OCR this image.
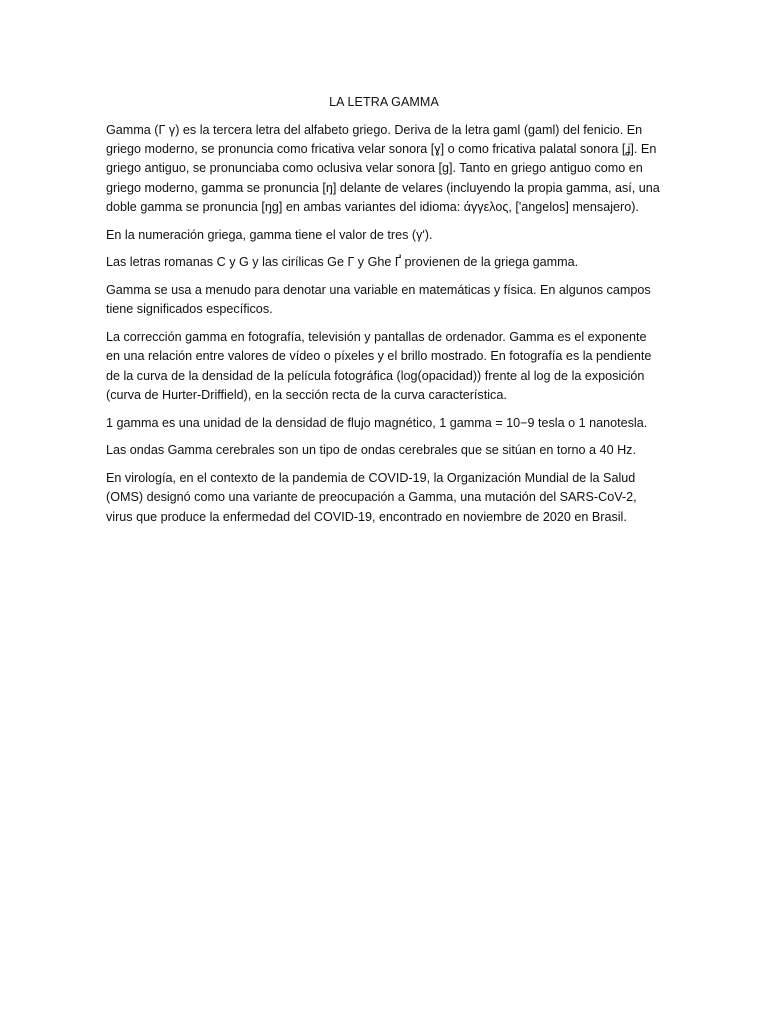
LA LETRA GAMMA

Gamma (Γ γ) es la tercera letra del alfabeto griego. Deriva de la letra gaml (gaml) del fenicio. En griego moderno, se pronuncia como fricativa velar sonora [ɣ] o como fricativa palatal sonora [ʝ]. En griego antiguo, se pronunciaba como oclusiva velar sonora [g]. Tanto en griego antiguo como en griego moderno, gamma se pronuncia [ŋ] delante de velares (incluyendo la propia gamma, así, una doble gamma se pronuncia [ŋg] en ambas variantes del idioma: άγγελος, ['angelos] mensajero).

En la numeración griega, gamma tiene el valor de tres (γʹ).

Las letras romanas C y G y las cirílicas Ge Г y Ghe Ґ provienen de la griega gamma.

Gamma se usa a menudo para denotar una variable en matemáticas y física. En algunos campos tiene significados específicos.

La corrección gamma en fotografía, televisión y pantallas de ordenador. Gamma es el exponente en una relación entre valores de vídeo o píxeles y el brillo mostrado. En fotografía es la pendiente de la curva de la densidad de la película fotográfica (log(opacidad)) frente al log de la exposición (curva de Hurter-Driffield), en la sección recta de la curva característica.

1 gamma es una unidad de la densidad de flujo magnético, 1 gamma = 10−9 tesla o 1 nanotesla.

Las ondas Gamma cerebrales son un tipo de ondas cerebrales que se sitúan en torno a 40 Hz.

En virología, en el contexto de la pandemia de COVID-19, la Organización Mundial de la Salud (OMS) designó como una variante de preocupación a Gamma, una mutación del SARS-CoV-2, virus que produce la enfermedad del COVID-19, encontrado en noviembre de 2020 en Brasil.
